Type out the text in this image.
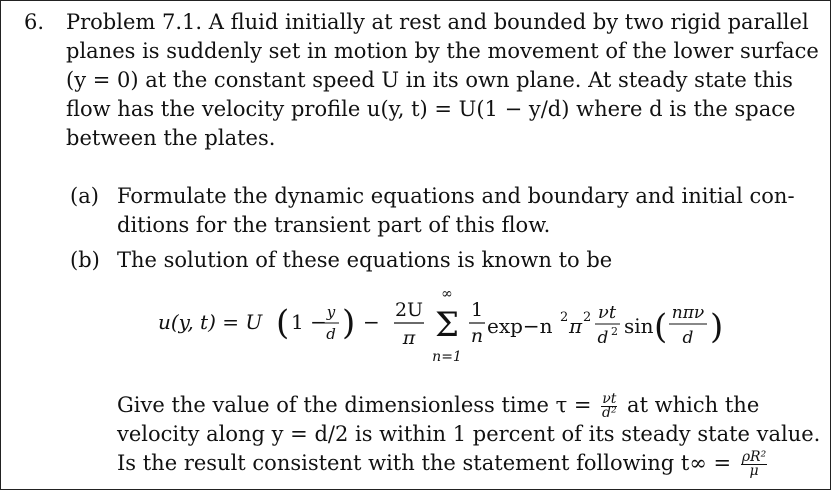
6. Problem 7.1. A fluid initially at rest and bounded by two rigid parallel
planes is suddenly set in motion by the movement of the lower surface
(y = 0) at the constant speed U in its own plane. At steady state this
flow has the velocity profile u(y, t) = U(1 − y/d) where d is the space
between the plates.
(a) Formulate the dynamic equations and boundary and initial con-
ditions for the transient part of this flow.
(b) The solution of these equations is known to be
u(y, t) = U ( 1 − y
d ) − 2U
π
∞
Σ
n=1
1
n exp−n 2 π 2 νt
d 2 sin ( nπν
d )
Give the value of the dimensionless time $\tau = \frac{\nu t}{\text{d²}}$ at which the
velocity along y = d/2 is within 1 percent of its steady state value.
Is the result consistent with the statement following $t\infty = \frac{\text{ρR²}}{\mu}$
